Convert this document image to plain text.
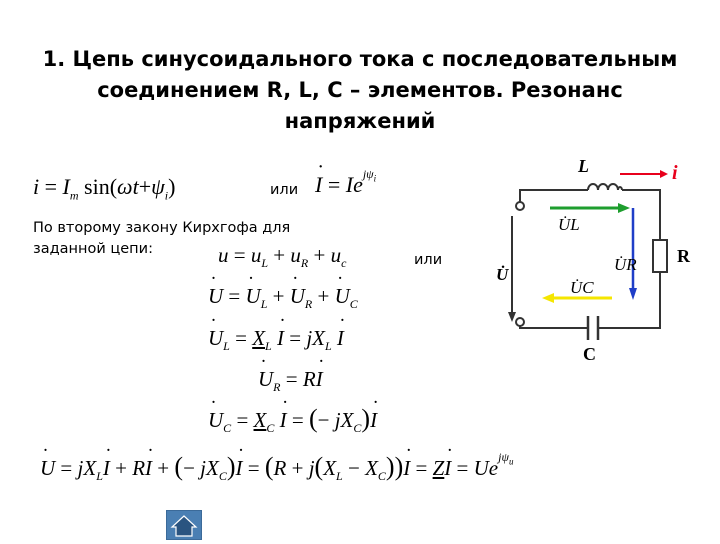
1. Цепь синусоидального тока с последовательным
соединением R, L, C – элементов. Резонанс
напряжений
$i = I_m$ $\sin(\omega t+\psi_i)$	или ˙ $I = Ie^{j\psi_i}$
По второму закону Кирхгофа для
заданной цепи:	$u = u_L + u_R + u_c$	или
˙ U = ˙ $U_L$ + ˙ $U_R$ + ˙ $U_C$
˙ $U_L = X_L$ ˙ $I = jX_L$ ˙ I
˙ $U_R$ = R˙ I
˙ $U_C = X_C$ ˙ I = (− $jX_C)˙$ I
˙ $U = jX_L˙$ I + R˙ I + (− $jX_C)˙$ $I = (R + j(X_L$ − $X_C))˙$ I = Z˙ $I = Ue^{j\psi_u}$
L	i
U̇L
U̇R
U̇C
U̇
R
C
